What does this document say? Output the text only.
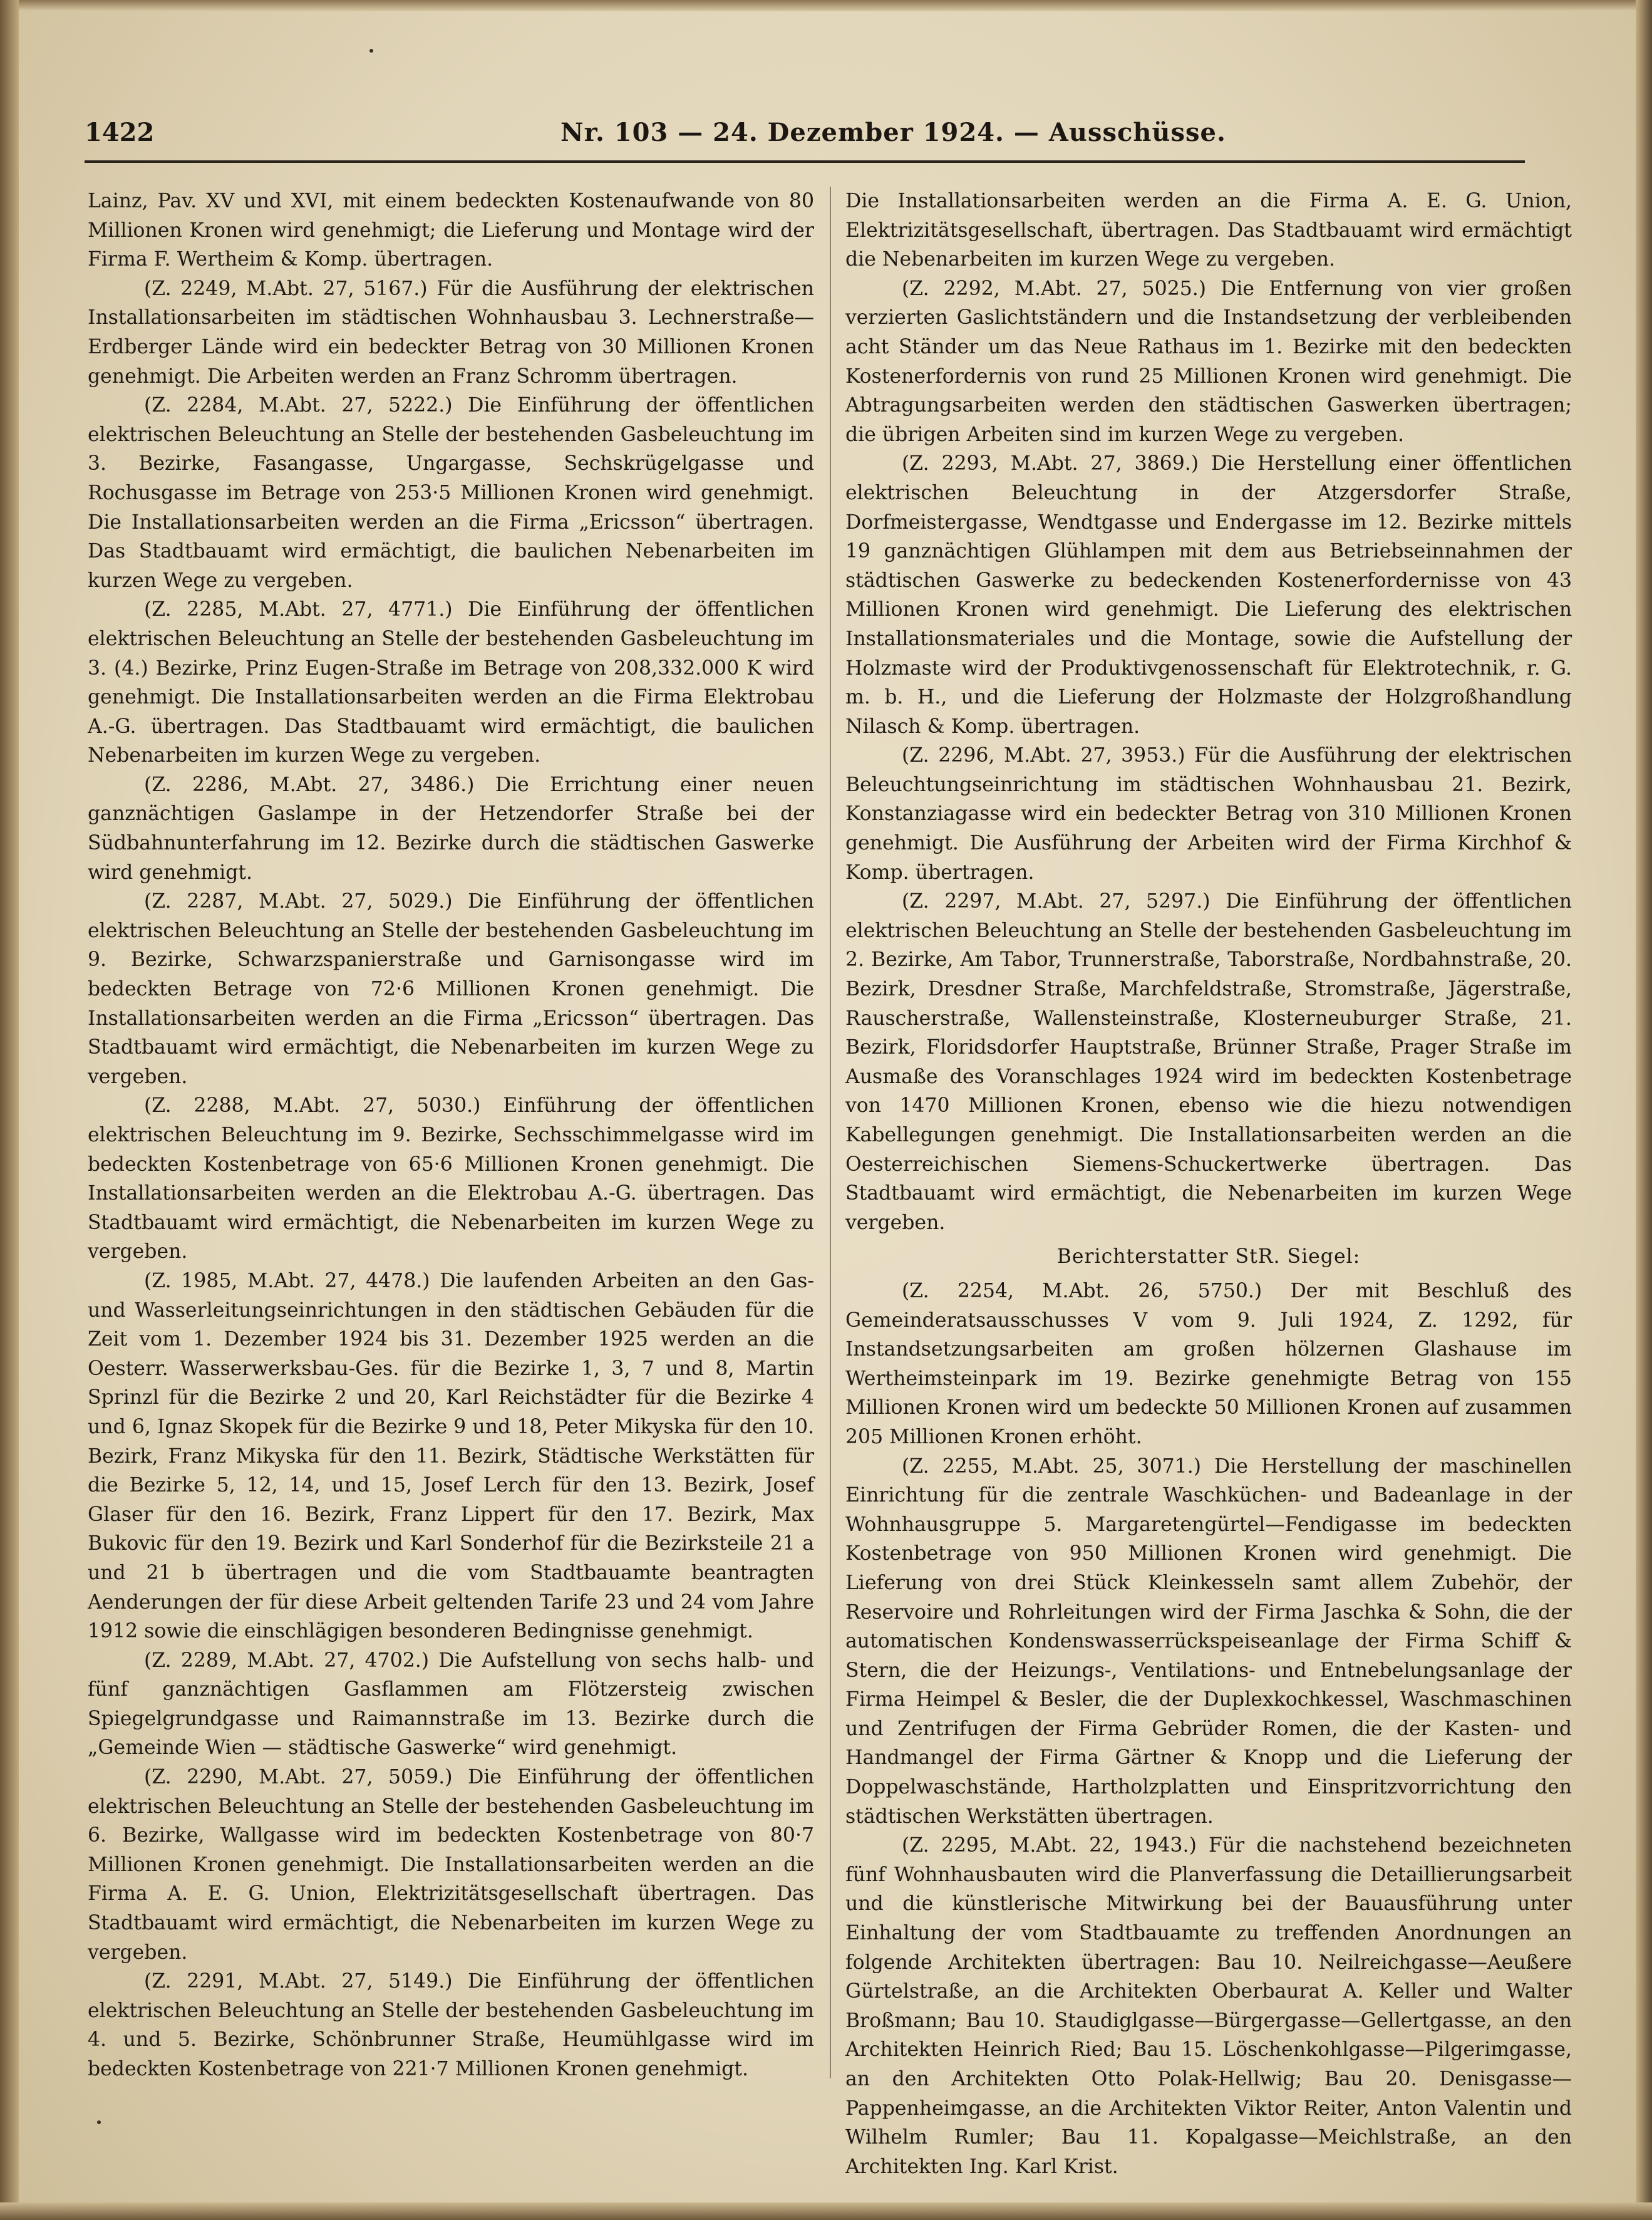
1422	Nr. 103 — 24. Dezember 1924. — Ausschüsse.

Lainz, Pav. XV und XVI, mit einem bedeckten Kostenaufwande von 80 Millionen Kronen wird genehmigt; die Lieferung und Montage wird der Firma F. Wertheim & Komp. übertragen.

(Z. 2249, M.Abt. 27, 5167.) Für die Ausführung der elektrischen Installationsarbeiten im städtischen Wohnhausbau 3. Lechnerstraße—Erdberger Lände wird ein bedeckter Betrag von 30 Millionen Kronen genehmigt. Die Arbeiten werden an Franz Schromm übertragen.

(Z. 2284, M.Abt. 27, 5222.) Die Einführung der öffentlichen elektrischen Beleuchtung an Stelle der bestehenden Gasbeleuchtung im 3. Bezirke, Fasangasse, Ungargasse, Sechskrügelgasse und Rochusgasse im Betrage von 253·5 Millionen Kronen wird genehmigt. Die Installationsarbeiten werden an die Firma „Ericsson“ übertragen. Das Stadtbauamt wird ermächtigt, die baulichen Nebenarbeiten im kurzen Wege zu vergeben.

(Z. 2285, M.Abt. 27, 4771.) Die Einführung der öffentlichen elektrischen Beleuchtung an Stelle der bestehenden Gasbeleuchtung im 3. (4.) Bezirke, Prinz Eugen-Straße im Betrage von 208,332.000 K wird genehmigt. Die Installationsarbeiten werden an die Firma Elektrobau A.-G. übertragen. Das Stadtbauamt wird ermächtigt, die baulichen Nebenarbeiten im kurzen Wege zu vergeben.

(Z. 2286, M.Abt. 27, 3486.) Die Errichtung einer neuen ganznächtigen Gaslampe in der Hetzendorfer Straße bei der Südbahnunterfahrung im 12. Bezirke durch die städtischen Gaswerke wird genehmigt.

(Z. 2287, M.Abt. 27, 5029.) Die Einführung der öffentlichen elektrischen Beleuchtung an Stelle der bestehenden Gasbeleuchtung im 9. Bezirke, Schwarzspanierstraße und Garnisongasse wird im bedeckten Betrage von 72·6 Millionen Kronen genehmigt. Die Installationsarbeiten werden an die Firma „Ericsson“ übertragen. Das Stadtbauamt wird ermächtigt, die Nebenarbeiten im kurzen Wege zu vergeben.

(Z. 2288, M.Abt. 27, 5030.) Einführung der öffentlichen elektrischen Beleuchtung im 9. Bezirke, Sechsschimmelgasse wird im bedeckten Kostenbetrage von 65·6 Millionen Kronen genehmigt. Die Installationsarbeiten werden an die Elektrobau A.-G. übertragen. Das Stadtbauamt wird ermächtigt, die Nebenarbeiten im kurzen Wege zu vergeben.

(Z. 1985, M.Abt. 27, 4478.) Die laufenden Arbeiten an den Gas- und Wasserleitungseinrichtungen in den städtischen Gebäuden für die Zeit vom 1. Dezember 1924 bis 31. Dezember 1925 werden an die Oesterr. Wasserwerksbau-Ges. für die Bezirke 1, 3, 7 und 8, Martin Sprinzl für die Bezirke 2 und 20, Karl Reichstädter für die Bezirke 4 und 6, Ignaz Skopek für die Bezirke 9 und 18, Peter Mikyska für den 10. Bezirk, Franz Mikyska für den 11. Bezirk, Städtische Werkstätten für die Bezirke 5, 12, 14, und 15, Josef Lerch für den 13. Bezirk, Josef Glaser für den 16. Bezirk, Franz Lippert für den 17. Bezirk, Max Bukovic für den 19. Bezirk und Karl Sonderhof für die Bezirksteile 21 a und 21 b übertragen und die vom Stadtbauamte beantragten Aenderungen der für diese Arbeit geltenden Tarife 23 und 24 vom Jahre 1912 sowie die einschlägigen besonderen Bedingnisse genehmigt.

(Z. 2289, M.Abt. 27, 4702.) Die Aufstellung von sechs halb- und fünf ganznächtigen Gasflammen am Flötzersteig zwischen Spiegelgrundgasse und Raimannstraße im 13. Bezirke durch die „Gemeinde Wien — städtische Gaswerke“ wird genehmigt.

(Z. 2290, M.Abt. 27, 5059.) Die Einführung der öffentlichen elektrischen Beleuchtung an Stelle der bestehenden Gasbeleuchtung im 6. Bezirke, Wallgasse wird im bedeckten Kostenbetrage von 80·7 Millionen Kronen genehmigt. Die Installationsarbeiten werden an die Firma A. E. G. Union, Elektrizitätsgesellschaft übertragen. Das Stadtbauamt wird ermächtigt, die Nebenarbeiten im kurzen Wege zu vergeben.

(Z. 2291, M.Abt. 27, 5149.) Die Einführung der öffentlichen elektrischen Beleuchtung an Stelle der bestehenden Gasbeleuchtung im 4. und 5. Bezirke, Schönbrunner Straße, Heumühlgasse wird im bedeckten Kostenbetrage von 221·7 Millionen Kronen genehmigt.

Die Installationsarbeiten werden an die Firma A. E. G. Union, Elektrizitätsgesellschaft, übertragen. Das Stadtbauamt wird ermächtigt die Nebenarbeiten im kurzen Wege zu vergeben.

(Z. 2292, M.Abt. 27, 5025.) Die Entfernung von vier großen verzierten Gaslichtständern und die Instandsetzung der verbleibenden acht Ständer um das Neue Rathaus im 1. Bezirke mit den bedeckten Kostenerfordernis von rund 25 Millionen Kronen wird genehmigt. Die Abtragungsarbeiten werden den städtischen Gaswerken übertragen; die übrigen Arbeiten sind im kurzen Wege zu vergeben.

(Z. 2293, M.Abt. 27, 3869.) Die Herstellung einer öffentlichen elektrischen Beleuchtung in der Atzgersdorfer Straße, Dorfmeistergasse, Wendtgasse und Endergasse im 12. Bezirke mittels 19 ganznächtigen Glühlampen mit dem aus Betriebseinnahmen der städtischen Gaswerke zu bedeckenden Kostenerfordernisse von 43 Millionen Kronen wird genehmigt. Die Lieferung des elektrischen Installationsmateriales und die Montage, sowie die Aufstellung der Holzmaste wird der Produktivgenossenschaft für Elektrotechnik, r. G. m. b. H., und die Lieferung der Holzmaste der Holzgroßhandlung Nilasch & Komp. übertragen.

(Z. 2296, M.Abt. 27, 3953.) Für die Ausführung der elektrischen Beleuchtungseinrichtung im städtischen Wohnhausbau 21. Bezirk, Konstanziagasse wird ein bedeckter Betrag von 310 Millionen Kronen genehmigt. Die Ausführung der Arbeiten wird der Firma Kirchhof & Komp. übertragen.

(Z. 2297, M.Abt. 27, 5297.) Die Einführung der öffentlichen elektrischen Beleuchtung an Stelle der bestehenden Gasbeleuchtung im 2. Bezirke, Am Tabor, Trunnerstraße, Taborstraße, Nordbahnstraße, 20. Bezirk, Dresdner Straße, Marchfeldstraße, Stromstraße, Jägerstraße, Rauscherstraße, Wallensteinstraße, Klosterneuburger Straße, 21. Bezirk, Floridsdorfer Hauptstraße, Brünner Straße, Prager Straße im Ausmaße des Voranschlages 1924 wird im bedeckten Kostenbetrage von 1470 Millionen Kronen, ebenso wie die hiezu notwendigen Kabellegungen genehmigt. Die Installationsarbeiten werden an die Oesterreichischen Siemens-Schuckertwerke übertragen. Das Stadtbauamt wird ermächtigt, die Nebenarbeiten im kurzen Wege vergeben.

Berichterstatter StR. Siegel:

(Z. 2254, M.Abt. 26, 5750.) Der mit Beschluß des Gemeinderatsausschusses V vom 9. Juli 1924, Z. 1292, für Instandsetzungsarbeiten am großen hölzernen Glashause im Wertheimsteinpark im 19. Bezirke genehmigte Betrag von 155 Millionen Kronen wird um bedeckte 50 Millionen Kronen auf zusammen 205 Millionen Kronen erhöht.

(Z. 2255, M.Abt. 25, 3071.) Die Herstellung der maschinellen Einrichtung für die zentrale Waschküchen- und Badeanlage in der Wohnhausgruppe 5. Margaretengürtel—Fendigasse im bedeckten Kostenbetrage von 950 Millionen Kronen wird genehmigt. Die Lieferung von drei Stück Kleinkesseln samt allem Zubehör, der Reservoire und Rohrleitungen wird der Firma Jaschka & Sohn, die der automatischen Kondenswasserrückspeiseanlage der Firma Schiff & Stern, die der Heizungs-, Ventilations- und Entnebelungsanlage der Firma Heimpel & Besler, die der Duplexkochkessel, Waschmaschinen und Zentrifugen der Firma Gebrüder Romen, die der Kasten- und Handmangel der Firma Gärtner & Knopp und die Lieferung der Doppelwaschstände, Hartholzplatten und Einspritzvorrichtung den städtischen Werkstätten übertragen.

(Z. 2295, M.Abt. 22, 1943.) Für die nachstehend bezeichneten fünf Wohnhausbauten wird die Planverfassung die Detaillierungsarbeit und die künstlerische Mitwirkung bei der Bauausführung unter Einhaltung der vom Stadtbauamte zu treffenden Anordnungen an folgende Architekten übertragen: Bau 10. Neilreichgasse—Aeußere Gürtelstraße, an die Architekten Oberbaurat A. Keller und Walter Broßmann; Bau 10. Staudiglgasse—Bürgergasse—Gellertgasse, an den Architekten Heinrich Ried; Bau 15. Löschenkohlgasse—Pilgerimgasse, an den Architekten Otto Polak-Hellwig; Bau 20. Denisgasse—Pappenheimgasse, an die Architekten Viktor Reiter, Anton Valentin und Wilhelm Rumler; Bau 11. Kopalgasse—Meichlstraße, an den Architekten Ing. Karl Krist.
